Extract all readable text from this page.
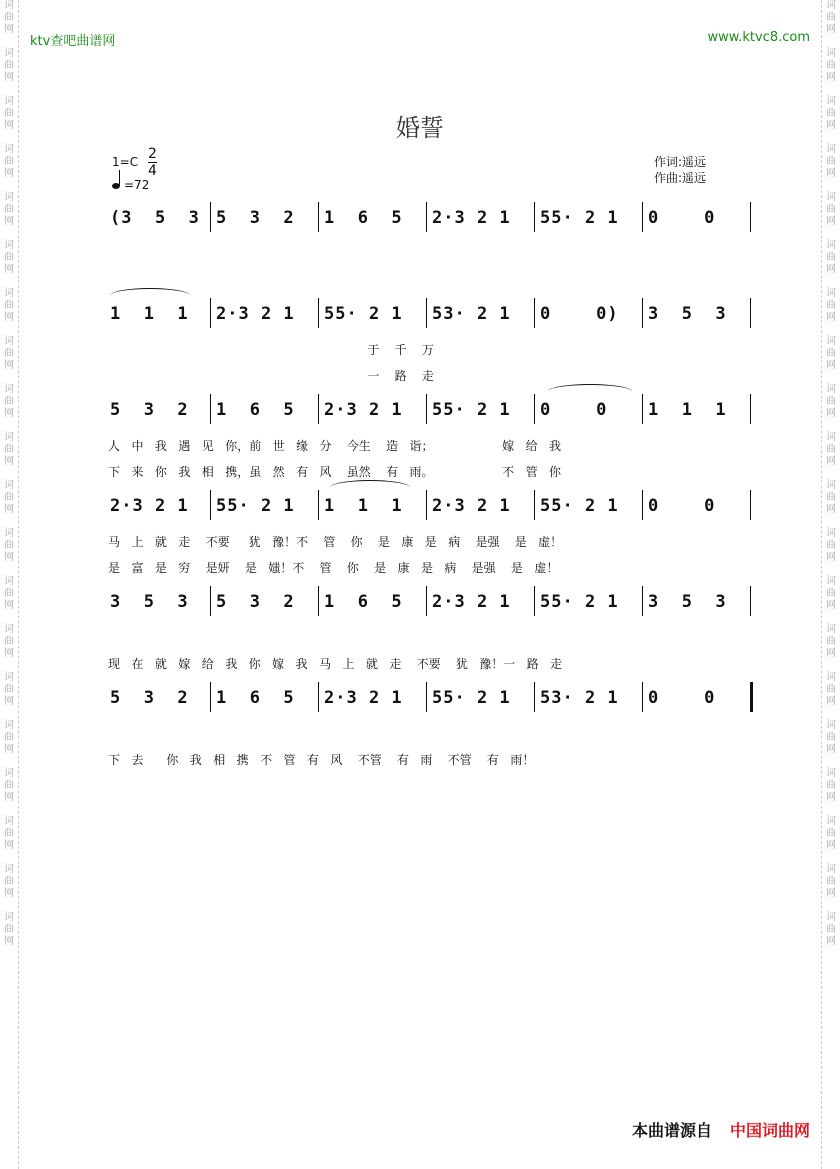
词
曲
网

词
曲
网

词
曲
网

词
曲
网

词
曲
网

词
曲
网

词
曲
网

词
曲
网

词
曲
网

词
曲
网

词
曲
网

词
曲
网

词
曲
网

词
曲
网

词
曲
网

词
曲
网

词
曲
网

词
曲
网

词
曲
网

词
曲
网

词
曲
网

词
曲
网

词
曲
网

词
曲
网

词
曲
网

词
曲
网

词
曲
网

词
曲
网

词
曲
网

词
曲
网

词
曲
网

词
曲
网

词
曲
网

词
曲
网

词
曲
网

词
曲
网

词
曲
网

词
曲
网

词
曲
网

词
曲
网

ktv查吧曲谱网	www.ktvc8.com
婚誓
$1=C \frac{2}{4}$
=72
作词:遥远
作曲:遥远
(3  5  3 5  3  2 1  6  5 2·3 2 1 55· 2 1 0    0
1  1  1 2·3 2 1 55· 2 1 53· 2 1 0    0) 3  5  3
5  3  2 1  6  5 2·3 2 1 55· 2 1 0    0 1  1  1
2·3 2 1 55· 2 1 1  1  1 2·3 2 1 55· 2 1 0    0
3  5  3 5  3  2 1  6  5 2·3 2 1 55· 2 1 3  5  3
5  3  2 1  6  5 2·3 2 1 55· 2 1 53· 2 1 0    0
于    千    万
一    路    走
人   中   我   遇   见   你，前   世   缘   分    今生    造   诣；                  嫁   给   我
下   来   你   我   相   携，虽   然   有   风    虽然    有   雨。                  不   管   你
马   上   就   走    不要     犹   豫！不    管    你    是   康   是   病    是强    是   虚！
是   富   是   穷    是妍    是   媸！不    管    你    是   康   是   病    是强    是   虚！
现   在   就   嫁   给   我   你   嫁   我   马   上   就   走    不要    犹   豫！一   路   走
下   去      你   我   相   携   不   管   有   风    不管    有   雨    不管    有   雨！
本曲谱源自 中国词曲网
